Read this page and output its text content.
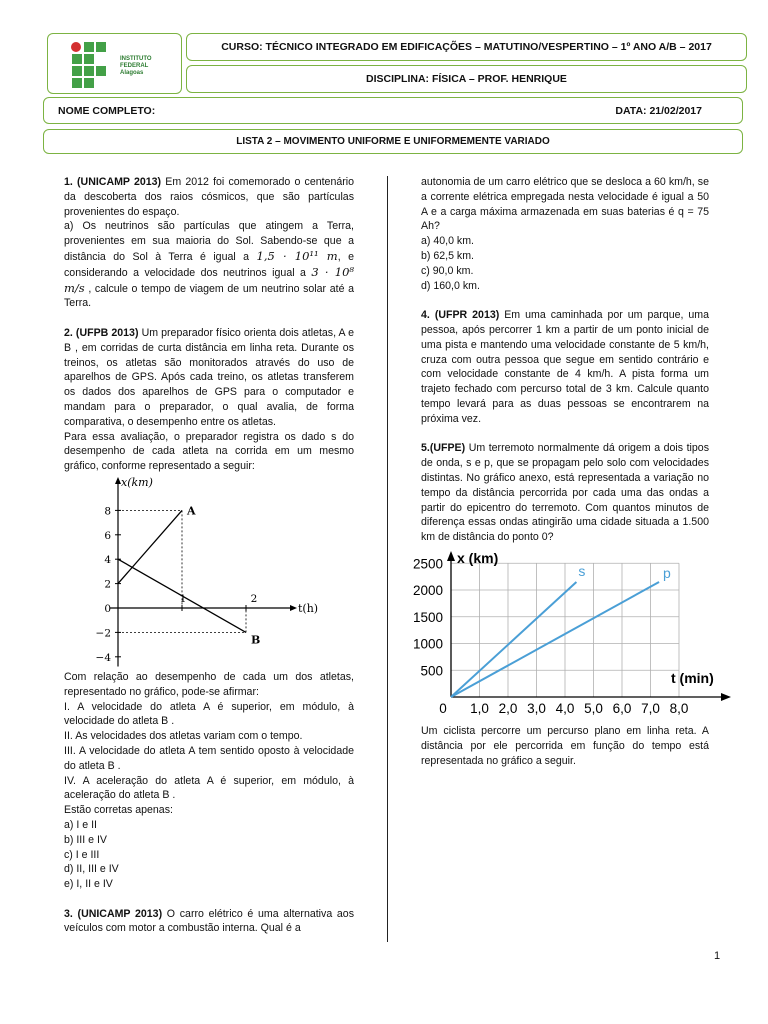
INSTITUTO FEDERAL
Alagoas
CURSO: TÉCNICO INTEGRADO EM EDIFICAÇÕES – MATUTINO/VESPERTINO – 1º ANO A/B – 2017
DISCIPLINA: FÍSICA – PROF. HENRIQUE
NOME COMPLETO:	DATA: 21/02/2017
LISTA 2 – MOVIMENTO UNIFORME E UNIFORMEMENTE VARIADO

1. (UNICAMP 2013) Em 2012 foi comemorado o centenário da descoberta dos raios cósmicos, que são partículas provenientes do espaço.

a) Os neutrinos são partículas que atingem a Terra, provenientes em sua maioria do Sol. Sabendo-se que a distância do Sol à Terra é igual a 1,5 · 10¹¹ m, e considerando a velocidade dos neutrinos igual a 3 · 10⁸ m/s , calcule o tempo de viagem de um neutrino solar até a Terra.

2. (UFPB 2013) Um preparador físico orienta dois atletas, A e B , em corridas de curta distância em linha reta. Durante os treinos, os atletas são monitorados através do uso de aparelhos de GPS. Após cada treino, os atletas transferem os dados dos aparelhos de GPS para o computador e mandam para o preparador, o qual avalia, de forma comparativa, o desempenho entre os atletas.

Para essa avaliação, o preparador registra os dado s do desempenho de cada atleta na corrida em um mesmo gráfico, conforme representado a seguir:

x(km)
t(h)
8
6
4
2
0
−2
−4
1	2
A
B

Com relação ao desempenho de cada um dos atletas, representado no gráfico, pode-se afirmar:

I. A velocidade do atleta A é superior, em módulo, à velocidade do atleta B .

II. As velocidades dos atletas variam com o tempo.

III. A velocidade do atleta A tem sentido oposto à velocidade do atleta B .

IV. A aceleração do atleta A é superior, em módulo, à aceleração do atleta B .

Estão corretas apenas:

a) I e II

b) III e IV

c) I e III

d) II, III e IV

e) I, II e IV

3. (UNICAMP 2013) O carro elétrico é uma alternativa aos veículos com motor a combustão interna. Qual é a

autonomia de um carro elétrico que se desloca a 60 km/h, se a corrente elétrica empregada nesta velocidade é igual a 50 A e a carga máxima armazenada em suas baterias é q = 75 Ah?

a) 40,0 km.

b) 62,5 km.

c) 90,0 km.

d) 160,0 km.

4. (UFPR 2013) Em uma caminhada por um parque, uma pessoa, após percorrer 1 km a partir de um ponto inicial de uma pista e mantendo uma velocidade constante de 5 km/h, cruza com outra pessoa que segue em sentido contrário e com velocidade constante de 4 km/h. A pista forma um trajeto fechado com percurso total de 3 km. Calcule quanto tempo levará para as duas pessoas se encontrarem na próxima vez.

5.(UFPE) Um terremoto normalmente dá origem a dois tipos de onda, s e p, que se propagam pelo solo com velocidades distintas. No gráfico anexo, está representada a variação no tempo da distância percorrida por cada uma das ondas a partir do epicentro do terremoto. Com quantos minutos de diferença essas ondas atingirão uma cidade situada a 1.500 km de distância do ponto 0?

x (km)
t (min)
2500
2000
1500
1000
500
0 1,0 2,0 3,0 4,0 5,0 6,0 7,0 8,0
s	p

Um ciclista percorre um percurso plano em linha reta. A distância por ele percorrida em função do tempo está representada no gráfico a seguir.

1
